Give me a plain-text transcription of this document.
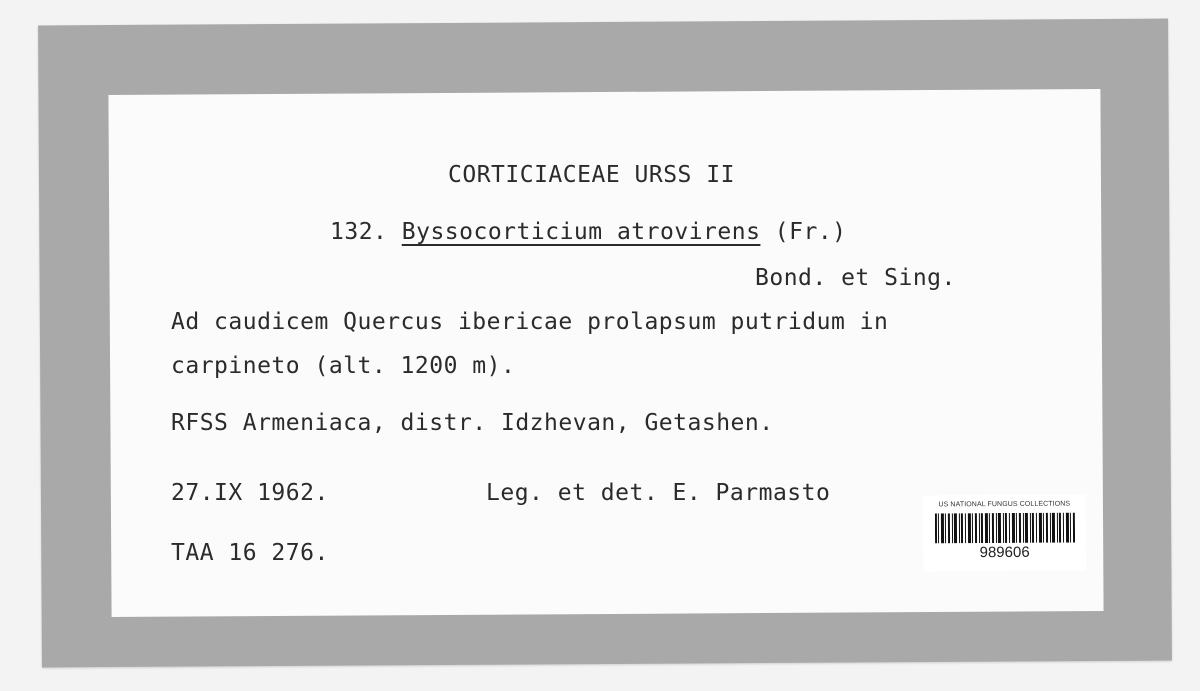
CORTICIACEAE URSS II
132. Byssocorticium atrovirens (Fr.)
Bond. et Sing.
Ad caudicem Quercus ibericae prolapsum putridum in
carpineto (alt. 1200 m).
RFSS Armeniaca, distr. Idzhevan, Getashen.
27.IX 1962.	Leg. et det. E. Parmasto
TAA 16 276.
US NATIONAL FUNGUS COLLECTIONS
989606
